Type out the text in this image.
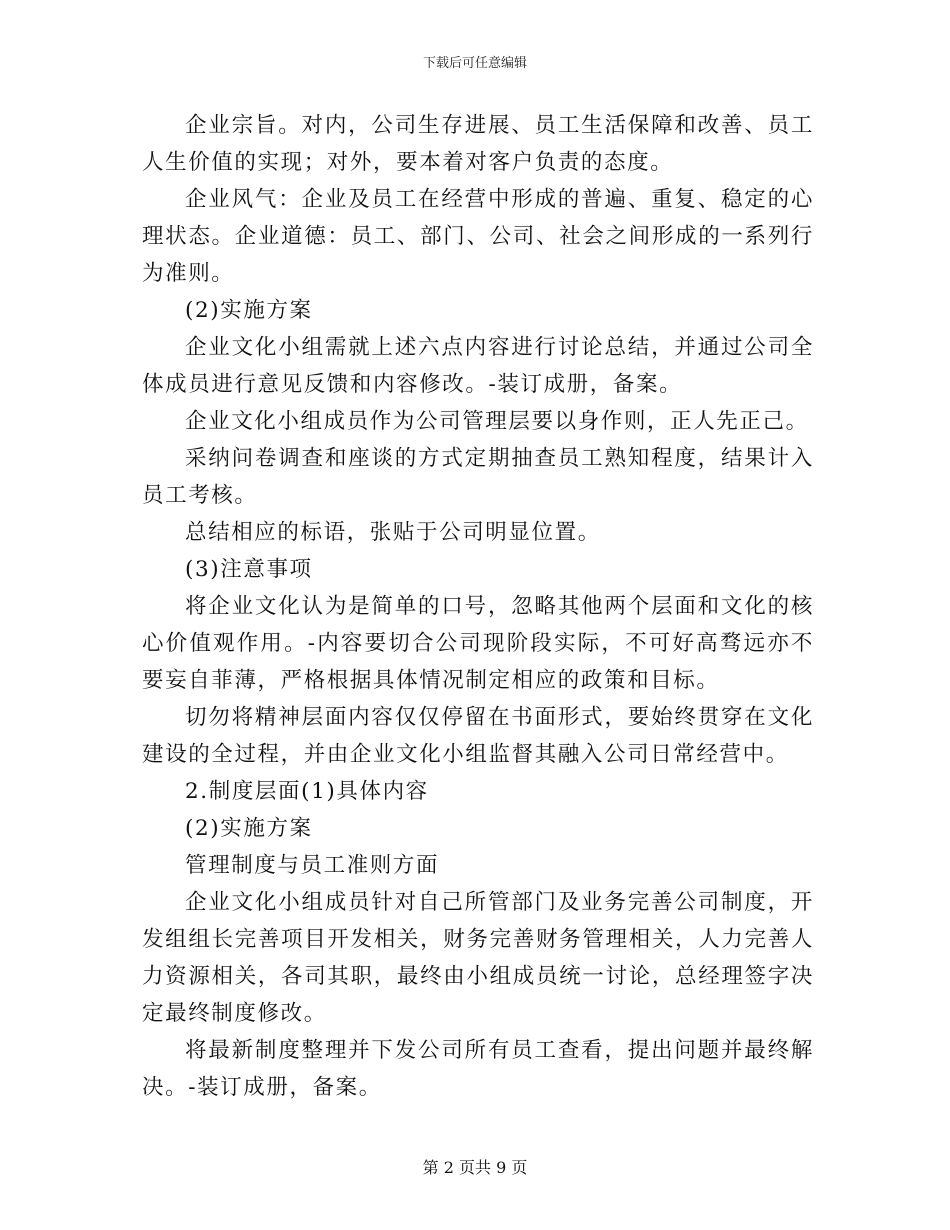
下载后可任意编辑

企业宗旨。对内，公司生存进展、员工生活保障和改善、员工人生价值的实现；对外，要本着对客户负责的态度。

企业风气：企业及员工在经营中形成的普遍、重复、稳定的心理状态。企业道德：员工、部门、公司、社会之间形成的一系列行为准则。

(2)实施方案

企业文化小组需就上述六点内容进行讨论总结，并通过公司全体成员进行意见反馈和内容修改。-装订成册，备案。

企业文化小组成员作为公司管理层要以身作则，正人先正己。

采纳问卷调查和座谈的方式定期抽查员工熟知程度，结果计入员工考核。

总结相应的标语，张贴于公司明显位置。

(3)注意事项

将企业文化认为是简单的口号，忽略其他两个层面和文化的核心价值观作用。-内容要切合公司现阶段实际，不可好高骛远亦不要妄自菲薄，严格根据具体情况制定相应的政策和目标。

切勿将精神层面内容仅仅停留在书面形式，要始终贯穿在文化建设的全过程，并由企业文化小组监督其融入公司日常经营中。

2.制度层面(1)具体内容

(2)实施方案

管理制度与员工准则方面

企业文化小组成员针对自己所管部门及业务完善公司制度，开发组组长完善项目开发相关，财务完善财务管理相关，人力完善人力资源相关，各司其职，最终由小组成员统一讨论，总经理签字决定最终制度修改。

将最新制度整理并下发公司所有员工查看，提出问题并最终解决。-装订成册，备案。

第 2 页共 9 页
